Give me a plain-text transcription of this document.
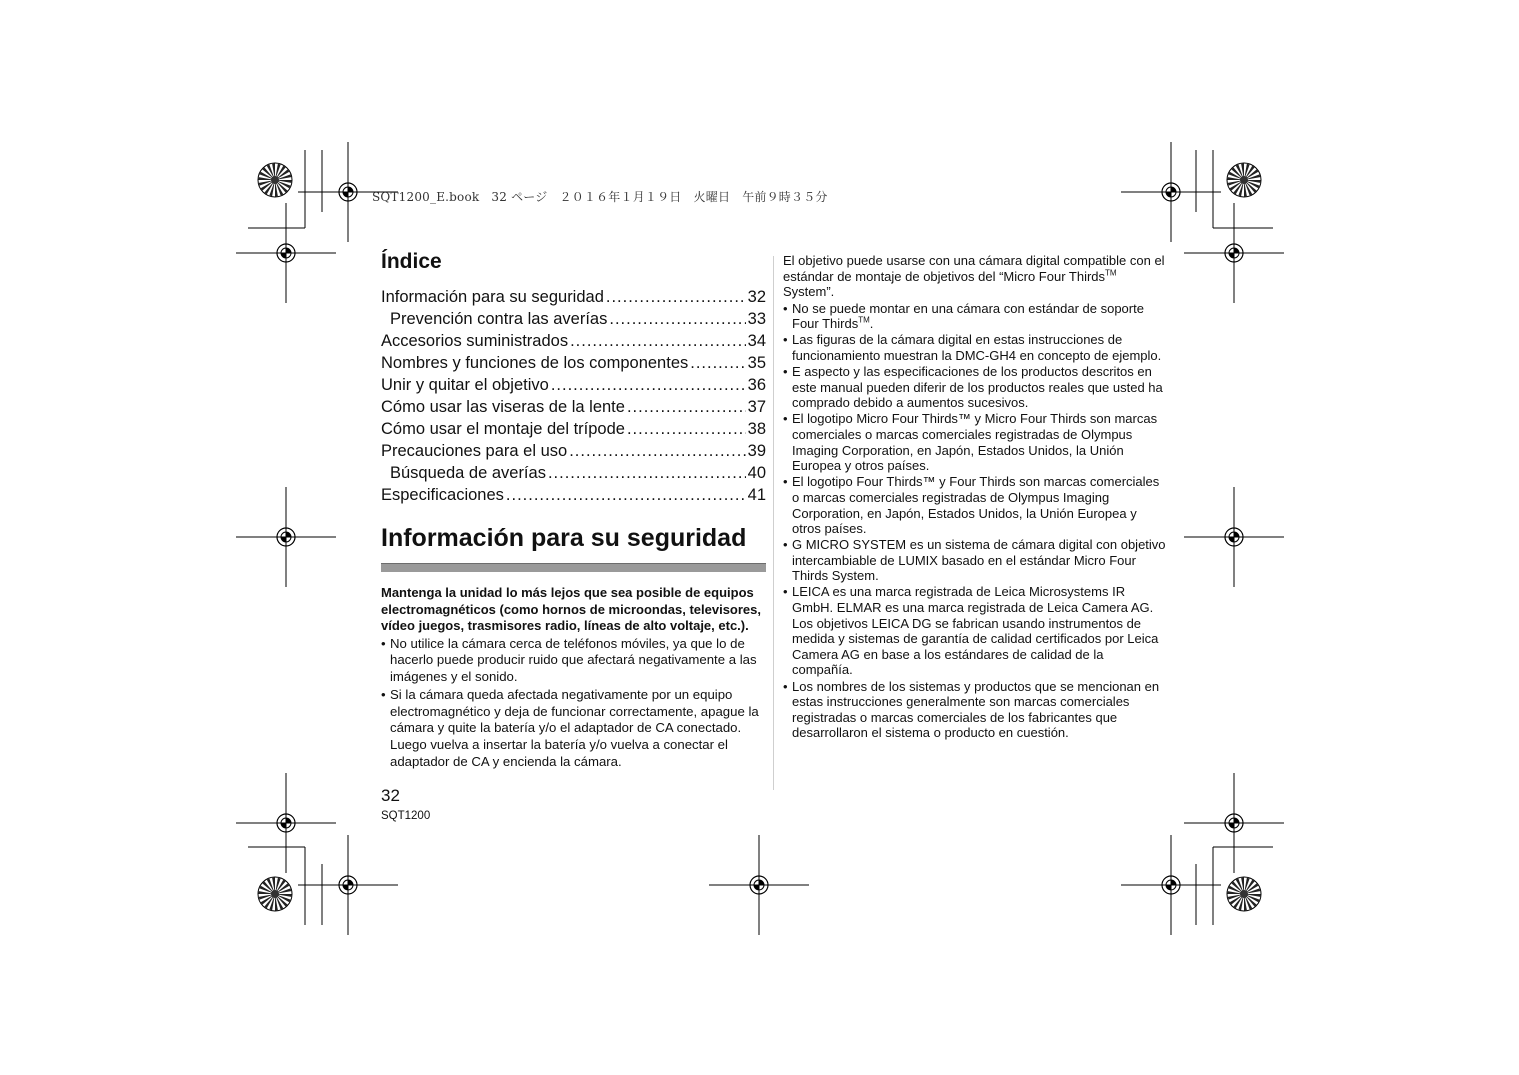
SQT1200_E.book   32 ページ   ２０１６年１月１９日   火曜日   午前９時３５分
Índice
Información para su seguridad .....	32
Prevención contra las averías .....	33
Accesorios suministrados .....	34
Nombres y funciones de los componentes .....	35
Unir y quitar el objetivo .....	36
Cómo usar las viseras de la lente .....	37
Cómo usar el montaje del trípode .....	38
Precauciones para el uso .....	39
Búsqueda de averías .....	40
Especificaciones .....	41
Información para su seguridad

Mantenga la unidad lo más lejos que sea posible de equipos electromagnéticos (como hornos de microondas, televisores, vídeo juegos, trasmisores radio, líneas de alto voltaje, etc.).

• No utilice la cámara cerca de teléfonos móviles, ya que lo de hacerlo puede producir ruido que afectará negativamente a las imágenes y el sonido.
• Si la cámara queda afectada negativamente por un equipo electromagnético y deja de funcionar correctamente, apague la cámara y quite la batería y/o el adaptador de CA conectado. Luego vuelva a insertar la batería y/o vuelva a conectar el adaptador de CA y encienda la cámara.

El objetivo puede usarse con una cámara digital compatible con el estándar de montaje de objetivos del “Micro Four Thirds™ System”.

• No se puede montar en una cámara con estándar de soporte Four Thirds™.
• Las figuras de la cámara digital en estas instrucciones de funcionamiento muestran la DMC-GH4 en concepto de ejemplo.
• E aspecto y las especificaciones de los productos descritos en este manual pueden diferir de los productos reales que usted ha comprado debido a aumentos sucesivos.
• El logotipo Micro Four Thirds™ y Micro Four Thirds son marcas comerciales o marcas comerciales registradas de Olympus Imaging Corporation, en Japón, Estados Unidos, la Unión Europea y otros países.
• El logotipo Four Thirds™ y Four Thirds son marcas comerciales o marcas comerciales registradas de Olympus Imaging Corporation, en Japón, Estados Unidos, la Unión Europea y otros países.
• G MICRO SYSTEM es un sistema de cámara digital con objetivo intercambiable de LUMIX basado en el estándar Micro Four Thirds System.
• LEICA es una marca registrada de Leica Microsystems IR GmbH. ELMAR es una marca registrada de Leica Camera AG. Los objetivos LEICA DG se fabrican usando instrumentos de medida y sistemas de garantía de calidad certificados por Leica Camera AG en base a los estándares de calidad de la compañía.
• Los nombres de los sistemas y productos que se mencionan en estas instrucciones generalmente son marcas comerciales registradas o marcas comerciales de los fabricantes que desarrollaron el sistema o producto en cuestión.
32
SQT1200
